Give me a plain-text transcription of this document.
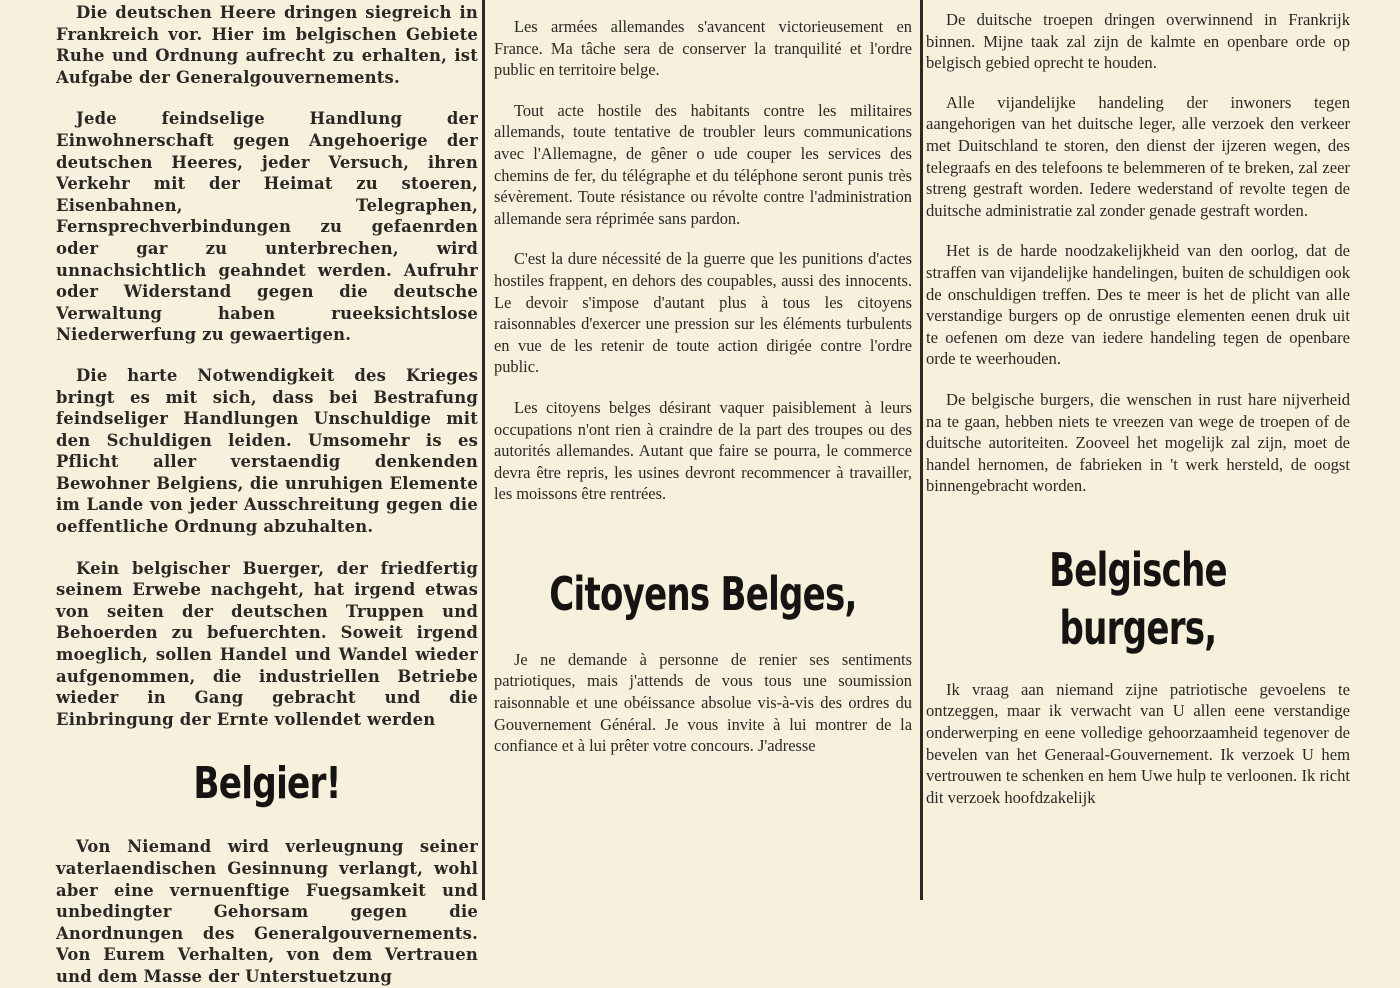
Die deutschen Heere dringen siegreich in Frankreich vor. Hier im belgischen Gebiete Ruhe und Ordnung aufrecht zu erhalten, ist Aufgabe der Generalgouvernements.

Jede feindselige Handlung der Einwohnerschaft gegen Angehoerige der deutschen Heeres, jeder Versuch, ihren Verkehr mit der Heimat zu stoeren, Eisenbahnen, Telegraphen, Fernsprechverbindungen zu gefaenrden oder gar zu unterbrechen, wird unnachsichtlich geahndet werden. Aufruhr oder Widerstand gegen die deutsche Verwaltung haben rueeksichtslose Niederwerfung zu gewaertigen.

Die harte Notwendigkeit des Krieges bringt es mit sich, dass bei Bestrafung feindseliger Handlungen Unschuldige mit den Schuldigen leiden. Umsomehr is es Pflicht aller verstaendig denkenden Bewohner Belgiens, die unruhigen Elemente im Lande von jeder Ausschreitung gegen die oeffentliche Ordnung abzuhalten.

Kein belgischer Buerger, der friedfertig seinem Erwebe nachgeht, hat irgend etwas von seiten der deutschen Truppen und Behoerden zu befuerchten. Soweit irgend moeglich, sollen Handel und Wandel wieder aufgenommen, die industriellen Betriebe wieder in Gang gebracht und die Einbringung der Ernte vollendet werden

Belgier!

Von Niemand wird verleugnung seiner vaterlaendischen Gesinnung verlangt, wohl aber eine vernuenftige Fuegsamkeit und unbedingter Gehorsam gegen die Anordnungen des Generalgouvernements. Von Eurem Verhalten, von dem Vertrauen und dem Masse der Unterstuetzung

Les armées allemandes s'avancent victorieusement en France. Ma tâche sera de conserver la tranquilité et l'ordre public en territoire belge.

Tout acte hostile des habitants contre les militaires allemands, toute tentative de troubler leurs communications avec l'Allemagne, de gêner o ude couper les services des chemins de fer, du télégraphe et du téléphone seront punis très sévèrement. Toute résistance ou révolte contre l'administration allemande sera réprimée sans pardon.

C'est la dure nécessité de la guerre que les punitions d'actes hostiles frappent, en dehors des coupables, aussi des innocents. Le devoir s'impose d'autant plus à tous les citoyens raisonnables d'exercer une pression sur les éléments turbulents en vue de les retenir de toute action dirigée contre l'ordre public.

Les citoyens belges désirant vaquer paisiblement à leurs occupations n'ont rien à craindre de la part des troupes ou des autorités allemandes. Autant que faire se pourra, le commerce devra être repris, les usines devront recommencer à travailler, les moissons être rentrées.

Citoyens Belges,

Je ne demande à personne de renier ses sentiments patriotiques, mais j'attends de vous tous une soumission raisonnable et une obéissance absolue vis-à-vis des ordres du Gouvernement Général. Je vous invite à lui montrer de la confiance et à lui prêter votre concours. J'adresse

De duitsche troepen dringen overwinnend in Frankrijk binnen. Mijne taak zal zijn de kalmte en openbare orde op belgisch gebied oprecht te houden.

Alle vijandelijke handeling der inwoners tegen aangehorigen van het duitsche leger, alle verzoek den verkeer met Duitschland te storen, den dienst der ijzeren wegen, des telegraafs en des telefoons te belemmeren of te breken, zal zeer streng gestraft worden. Iedere wederstand of revolte tegen de duitsche administratie zal zonder genade gestraft worden.

Het is de harde noodzakelijkheid van den oorlog, dat de straffen van vijandelijke handelingen, buiten de schuldigen ook de onschuldigen treffen. Des te meer is het de plicht van alle verstandige burgers op de onrustige elementen eenen druk uit te oefenen om deze van iedere handeling tegen de openbare orde te weerhouden.

De belgische burgers, die wenschen in rust hare nijverheid na te gaan, hebben niets te vreezen van wege de troepen of de duitsche autoriteiten. Zooveel het mogelijk zal zijn, moet de handel hernomen, de fabrieken in 't werk hersteld, de oogst binnengebracht worden.

Belgische burgers,

Ik vraag aan niemand zijne patriotische gevoelens te ontzeggen, maar ik verwacht van U allen eene verstandige onderwerping en eene volledige gehoorzaamheid tegenover de bevelen van het Generaal-Gouvernement. Ik verzoek U hem vertrouwen te schenken en hem Uwe hulp te verloonen. Ik richt dit verzoek hoofdzakelijk
